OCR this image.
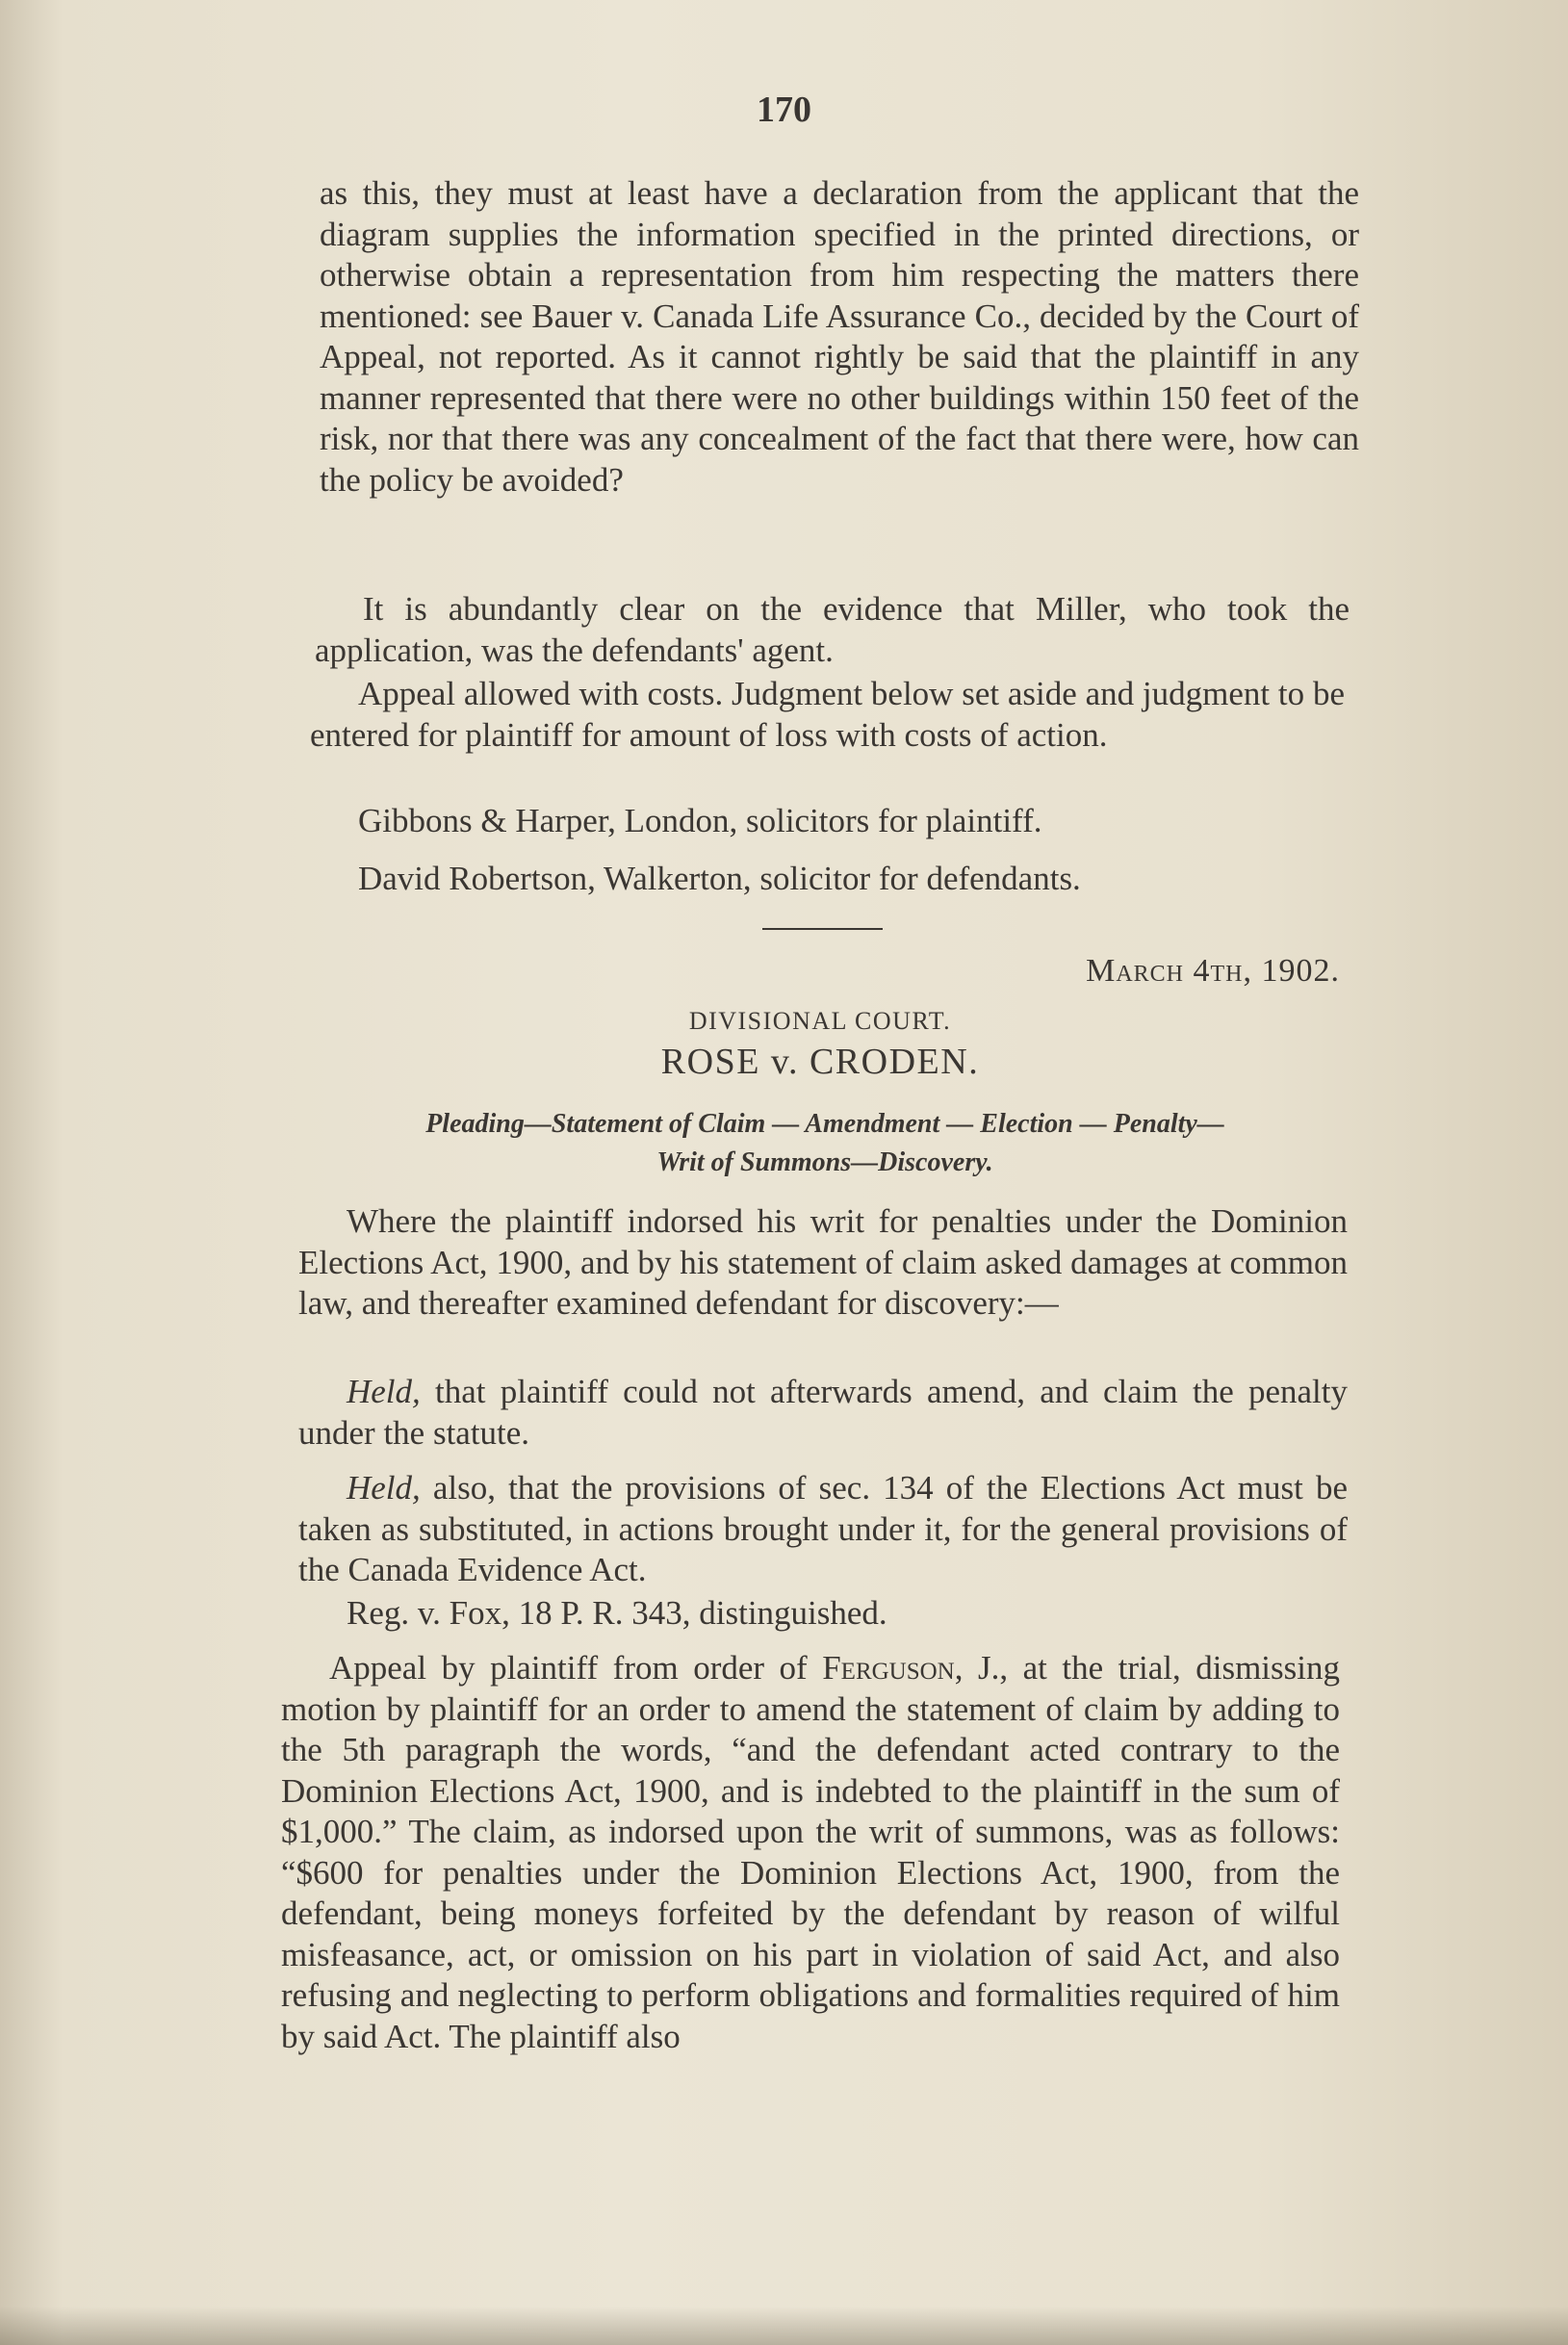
170

as this, they must at least have a declaration from the applicant that the diagram supplies the information specified in the printed directions, or otherwise obtain a representation from him respecting the matters there mentioned: see Bauer v. Canada Life Assurance Co., decided by the Court of Appeal, not reported. As it cannot rightly be said that the plaintiff in any manner represented that there were no other buildings within 150 feet of the risk, nor that there was any concealment of the fact that there were, how can the policy be avoided?

It is abundantly clear on the evidence that Miller, who took the application, was the defendants' agent.

Appeal allowed with costs. Judgment below set aside and judgment to be entered for plaintiff for amount of loss with costs of action.

Gibbons & Harper, London, solicitors for plaintiff.

David Robertson, Walkerton, solicitor for defendants.

March 4th, 1902.
DIVISIONAL COURT.
ROSE v. CRODEN.
Pleading—Statement of Claim — Amendment — Election — Penalty—
Writ of Summons—Discovery.

Where the plaintiff indorsed his writ for penalties under the Dominion Elections Act, 1900, and by his statement of claim asked damages at common law, and thereafter examined defendant for discovery:—

Held, that plaintiff could not afterwards amend, and claim the penalty under the statute.

Held, also, that the provisions of sec. 134 of the Elections Act must be taken as substituted, in actions brought under it, for the general provisions of the Canada Evidence Act.

Reg. v. Fox, 18 P. R. 343, distinguished.

Appeal by plaintiff from order of Ferguson, J., at the trial, dismissing motion by plaintiff for an order to amend the statement of claim by adding to the 5th paragraph the words, “and the defendant acted contrary to the Dominion Elections Act, 1900, and is indebted to the plaintiff in the sum of $1,000.” The claim, as indorsed upon the writ of summons, was as follows: “$600 for penalties under the Dominion Elections Act, 1900, from the defendant, being moneys forfeited by the defendant by reason of wilful misfeasance, act, or omission on his part in violation of said Act, and also refusing and neglecting to perform obligations and formalities required of him by said Act. The plaintiff also
